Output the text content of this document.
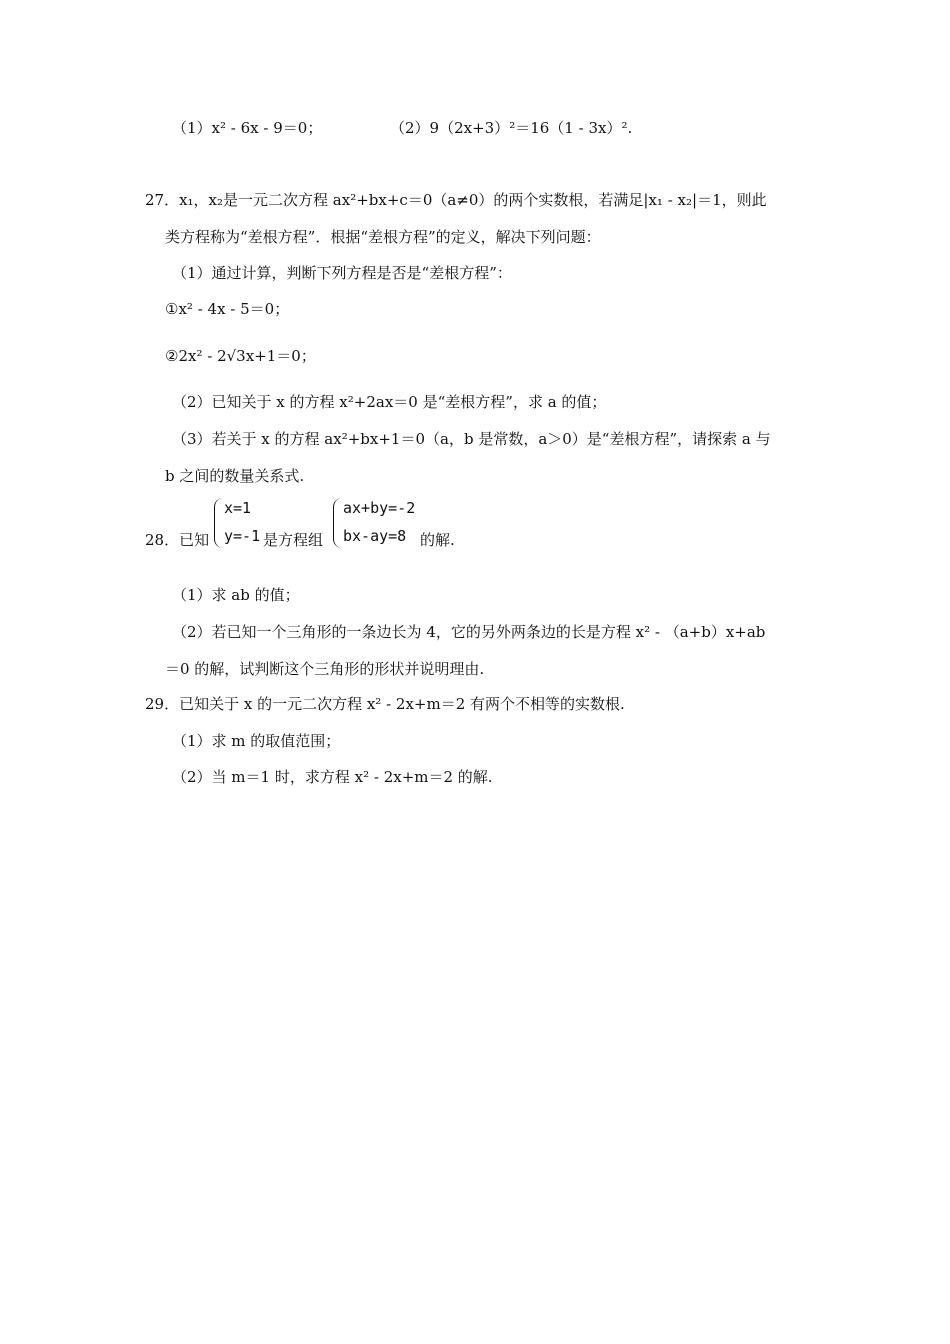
（1）x² - 6x - 9＝0；	（2）9（2x+3）²＝16（1 - 3x）².
27．x₁，x₂是一元二次方程 ax²+bx+c＝0（a≠0）的两个实数根，若满足|x₁ - x₂|＝1，则此
类方程称为“差根方程”．根据“差根方程”的定义，解决下列问题：
（1）通过计算，判断下列方程是否是“差根方程”：
①x² - 4x - 5＝0；
②2x² - 2√3x+1＝0；
（2）已知关于 x 的方程 x²+2ax＝0 是“差根方程”，求 a 的值；
（3）若关于 x 的方程 ax²+bx+1＝0（a，b 是常数，a＞0）是“差根方程”，请探索 a 与
b 之间的数量关系式.
28．已知
x=1
y=-1 是方程组
ax+by=-2
bx-ay=8 的解.
（1）求 ab 的值；
（2）若已知一个三角形的一条边长为 4，它的另外两条边的长是方程 x² - （a+b）x+ab
＝0 的解，试判断这个三角形的形状并说明理由.
29．已知关于 x 的一元二次方程 x² - 2x+m＝2 有两个不相等的实数根.
（1）求 m 的取值范围；
（2）当 m＝1 时，求方程 x² - 2x+m＝2 的解.
